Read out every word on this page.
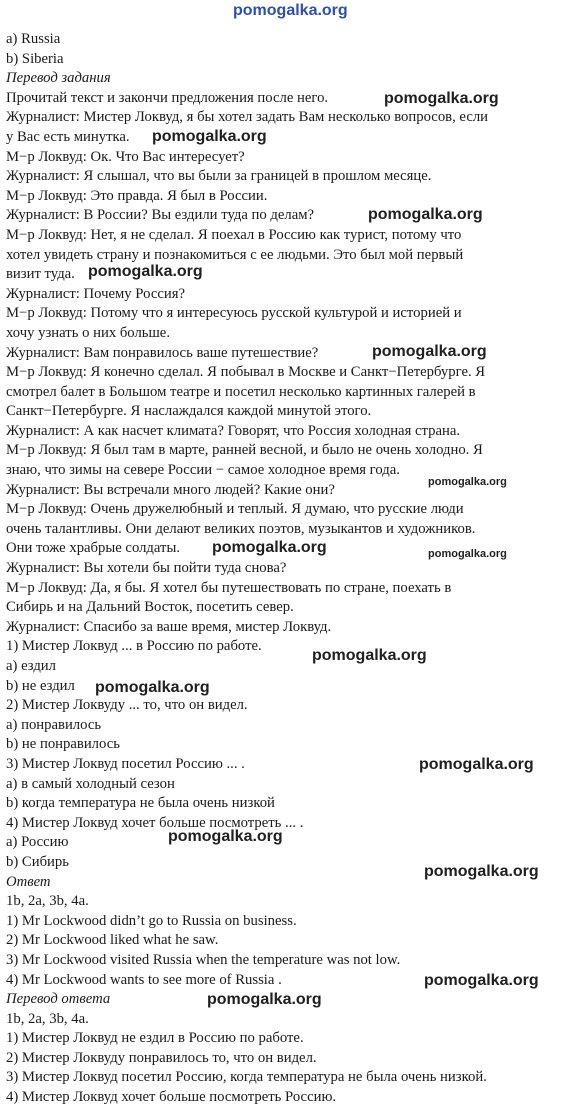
pomogalka.org
a) Russia
b) Siberia
Перевод задания
Прочитай текст и закончи предложения после него.
Журналист: Мистер Локвуд, я бы хотел задать Вам несколько вопросов, если
у Вас есть минутка.
М−р Локвуд: Ок. Что Вас интересует?
Журналист: Я слышал, что вы были за границей в прошлом месяце.
М−р Локвуд: Это правда. Я был в России.
Журналист: В России? Вы ездили туда по делам?
М−р Локвуд: Нет, я не сделал. Я поехал в Россию как турист, потому что
хотел увидеть страну и познакомиться с ее людьми. Это был мой первый
визит туда.
Журналист: Почему Россия?
М−р Локвуд: Потому что я интересуюсь русской культурой и историей и
хочу узнать о них больше.
Журналист: Вам понравилось ваше путешествие?
М−р Локвуд: Я конечно сделал. Я побывал в Москве и Санкт−Петербурге. Я
смотрел балет в Большом театре и посетил несколько картинных галерей в
Санкт−Петербурге. Я наслаждался каждой минутой этого.
Журналист: А как насчет климата? Говорят, что Россия холодная страна.
М−р Локвуд: Я был там в марте, ранней весной, и было не очень холодно. Я
знаю, что зимы на севере России − самое холодное время года.
Журналист: Вы встречали много людей? Какие они?
М−р Локвуд: Очень дружелюбный и теплый. Я думаю, что русские люди
очень талантливы. Они делают великих поэтов, музыкантов и художников.
Они тоже храбрые солдаты.
Журналист: Вы хотели бы пойти туда снова?
М−р Локвуд: Да, я бы. Я хотел бы путешествовать по стране, поехать в
Сибирь и на Дальний Восток, посетить север.
Журналист: Спасибо за ваше время, мистер Локвуд.
1) Мистер Локвуд ... в Россию по работе.
a) ездил
b) не ездил
2) Мистер Локвуду ... то, что он видел.
a) понравилось
b) не понравилось
3) Мистер Локвуд посетил Россию ... .
a) в самый холодный сезон
b) когда температура не была очень низкой
4) Мистер Локвуд хочет больше посмотреть ... .
a) Россию
b) Сибирь
Ответ
1b, 2a, 3b, 4a.
1) Mr Lockwood didn’t go to Russia on business.
2) Mr Lockwood liked what he saw.
3) Mr Lockwood visited Russia when the temperature was not low.
4) Mr Lockwood wants to see more of Russia .
Перевод ответа
1b, 2a, 3b, 4a.
1) Мистер Локвуд не ездил в Россию по работе.
2) Мистер Локвуду понравилось то, что он видел.
3) Мистер Локвуд посетил Россию, когда температура не была очень низкой.
4) Мистер Локвуд хочет больше посмотреть Россию.
pomogalka.org
pomogalka.org
pomogalka.org
pomogalka.org
pomogalka.org
pomogalka.org
pomogalka.org	pomogalka.org
pomogalka.org
pomogalka.org
pomogalka.org
pomogalka.org
pomogalka.org
pomogalka.org
pomogalka.org
